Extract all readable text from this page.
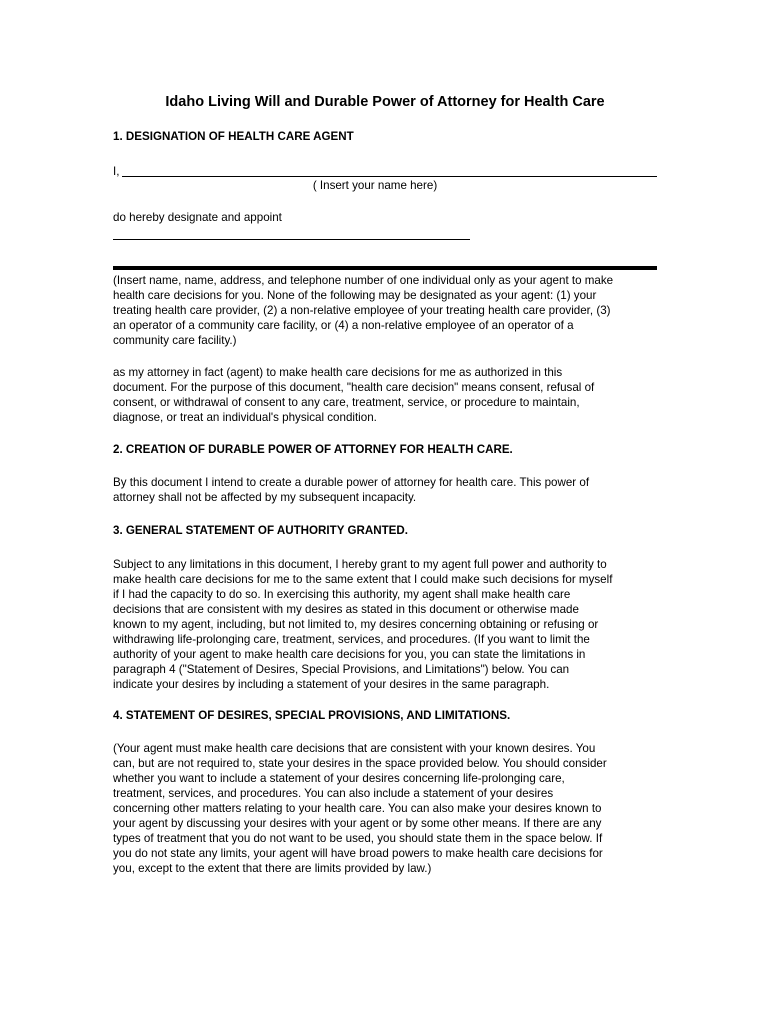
Idaho Living Will and Durable Power of Attorney for Health Care
1. DESIGNATION OF HEALTH CARE AGENT
I,
( Insert your name here)
do hereby designate and appoint
(Insert name, name, address, and telephone number of one individual only as your agent to make
health care decisions for you. None of the following may be designated as your agent: (1) your
treating health care provider, (2) a non-relative employee of your treating health care provider, (3)
an operator of a community care facility, or (4) a non-relative employee of an operator of a
community care facility.)
as my attorney in fact (agent) to make health care decisions for me as authorized in this
document. For the purpose of this document, "health care decision" means consent, refusal of
consent, or withdrawal of consent to any care, treatment, service, or procedure to maintain,
diagnose, or treat an individual's physical condition.
2. CREATION OF DURABLE POWER OF ATTORNEY FOR HEALTH CARE.
By this document I intend to create a durable power of attorney for health care. This power of
attorney shall not be affected by my subsequent incapacity.
3. GENERAL STATEMENT OF AUTHORITY GRANTED.
Subject to any limitations in this document, I hereby grant to my agent full power and authority to
make health care decisions for me to the same extent that I could make such decisions for myself
if I had the capacity to do so. In exercising this authority, my agent shall make health care
decisions that are consistent with my desires as stated in this document or otherwise made
known to my agent, including, but not limited to, my desires concerning obtaining or refusing or
withdrawing life-prolonging care, treatment, services, and procedures. (If you want to limit the
authority of your agent to make health care decisions for you, you can state the limitations in
paragraph 4 ("Statement of Desires, Special Provisions, and Limitations") below. You can
indicate your desires by including a statement of your desires in the same paragraph.
4. STATEMENT OF DESIRES, SPECIAL PROVISIONS, AND LIMITATIONS.
(Your agent must make health care decisions that are consistent with your known desires. You
can, but are not required to, state your desires in the space provided below. You should consider
whether you want to include a statement of your desires concerning life-prolonging care,
treatment, services, and procedures. You can also include a statement of your desires
concerning other matters relating to your health care. You can also make your desires known to
your agent by discussing your desires with your agent or by some other means. If there are any
types of treatment that you do not want to be used, you should state them in the space below. If
you do not state any limits, your agent will have broad powers to make health care decisions for
you, except to the extent that there are limits provided by law.)
